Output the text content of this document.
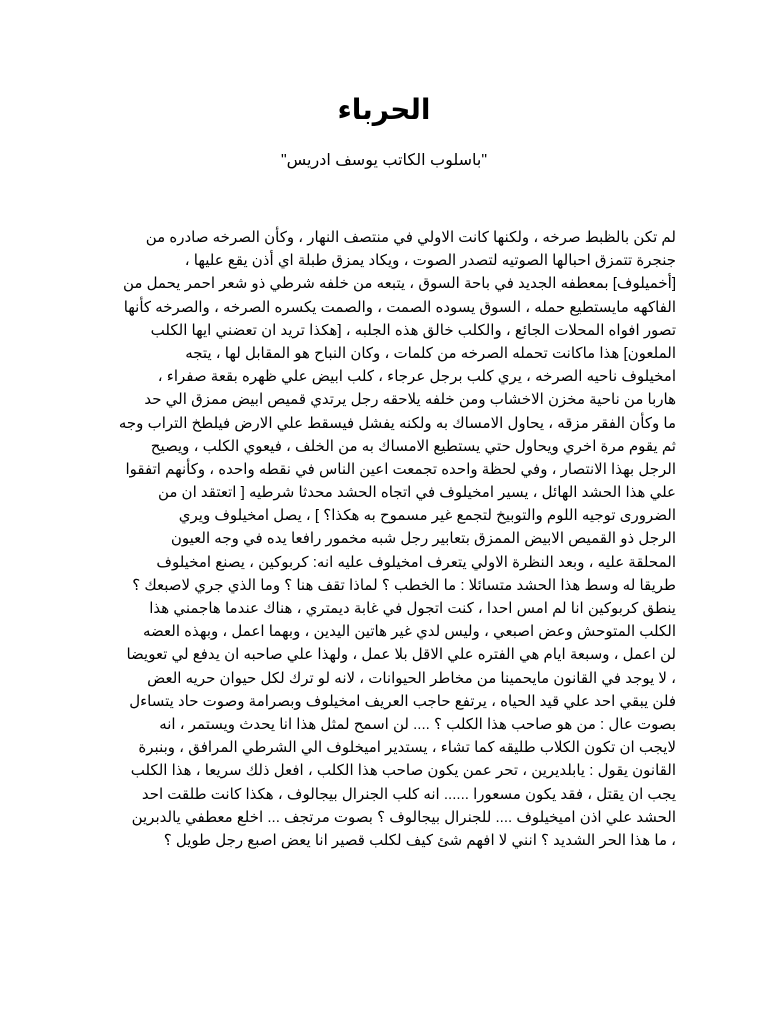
الحرباء
"باسلوب الكاتب يوسف ادريس"
لم تكن بالظبط صرخه ، ولكنها كانت الاولي في منتصف النهار ، وكأن الصرخه صادره من
جنجرة تتمزق احبالها الصوتيه لتصدر الصوت ، ويكاد يمزق طبلة اي أذن يقع عليها ،
[أخميلوف] بمعطفه الجديد في باحة السوق ، يتبعه من خلفه شرطي ذو شعر احمر يحمل من
الفاكهه مايستطيع حمله ، السوق يسوده الصمت ، والصمت يكسره الصرخه ، والصرخه كأنها
تصور افواه المحلات الجائع ، والكلب خالق هذه الجلبه ، [هكذا تريد ان تعضني ايها الكلب
الملعون] هذا ماكانت تحمله الصرخه من كلمات ، وكان النباح هو المقابل لها ، يتجه
امخيلوف ناحيه الصرخه ، يري كلب برجل عرجاء ، كلب ابيض علي ظهره بقعة صفراء ،
هاربا من ناحية مخزن الاخشاب ومن خلفه يلاحقه رجل يرتدي قميص ابيض ممزق الي حد
ما وكأن الفقر مزقه ، يحاول الامساك به ولكنه يفشل فيسقط علي الارض فيلطخ التراب وجه
ثم يقوم مرة اخري ويحاول حتي يستطيع الامساك به من الخلف ، فيعوي الكلب ، ويصيح
الرجل بهذا الانتصار ، وفي لحظة واحده تجمعت اعين الناس في نقطه واحده ، وكأنهم اتفقوا
علي هذا الحشد الهائل ، يسير امخيلوف في اتجاه الحشد محدثا شرطيه [ اتعتقد ان من
الضرورى توجيه اللوم والتوبيخ لتجمع غير مسموح به هكذا؟ ] ، يصل امخيلوف ويري
الرجل ذو القميص الابيض الممزق بتعابير رجل شبه مخمور رافعا يده في وجه العيون
المحلقة عليه ، وبعد النظرة الاولي يتعرف امخيلوف عليه انه: كربوكين ، يصنع امخيلوف
طريقا له وسط هذا الحشد متسائلا : ما الخطب ؟ لماذا تقف هنا ؟ وما الذي جري لاصبعك ؟
ينطق كربوكين انا لم امس احدا ، كنت اتجول في غابة ديمتري ، هناك عندما هاجمني هذا
الكلب المتوحش وعض اصبعي ، وليس لدي غير هاتين اليدين ، وبهما اعمل ، وبهذه العضه
لن اعمل ، وسبعة ايام هي الفتره علي الاقل بلا عمل ، ولهذا علي صاحبه ان يدفع لي تعويضا
، لا يوجد في القانون مايحمينا من مخاطر الحيوانات ، لانه لو ترك لكل حيوان حريه العض
فلن يبقي احد علي قيد الحياه ، يرتفع حاجب العريف امخيلوف وبصرامة وصوت حاد يتساءل
بصوت عال : من هو صاحب هذا الكلب ؟ .... لن اسمح لمثل هذا انا يحدث ويستمر ، انه
لايجب ان تكون الكلاب طليقه كما تشاء ، يستدير اميخلوف الي الشرطي المرافق ، وبنبرة
القانون يقول : يابلديرين ، تحر عمن يكون صاحب هذا الكلب ، افعل ذلك سريعا ، هذا الكلب
يجب ان يقتل ، فقد يكون مسعورا ...... انه كلب الجنرال بيجالوف ، هكذا كانت طلقت احد
الحشد علي اذن اميخيلوف .... للجنرال بيجالوف ؟ بصوت مرتجف ... اخلع معطفي يالدبرين
، ما هذا الحر الشديد ؟ انني لا افهم شئ كيف لكلب قصير انا يعض اصبع رجل طويل ؟
